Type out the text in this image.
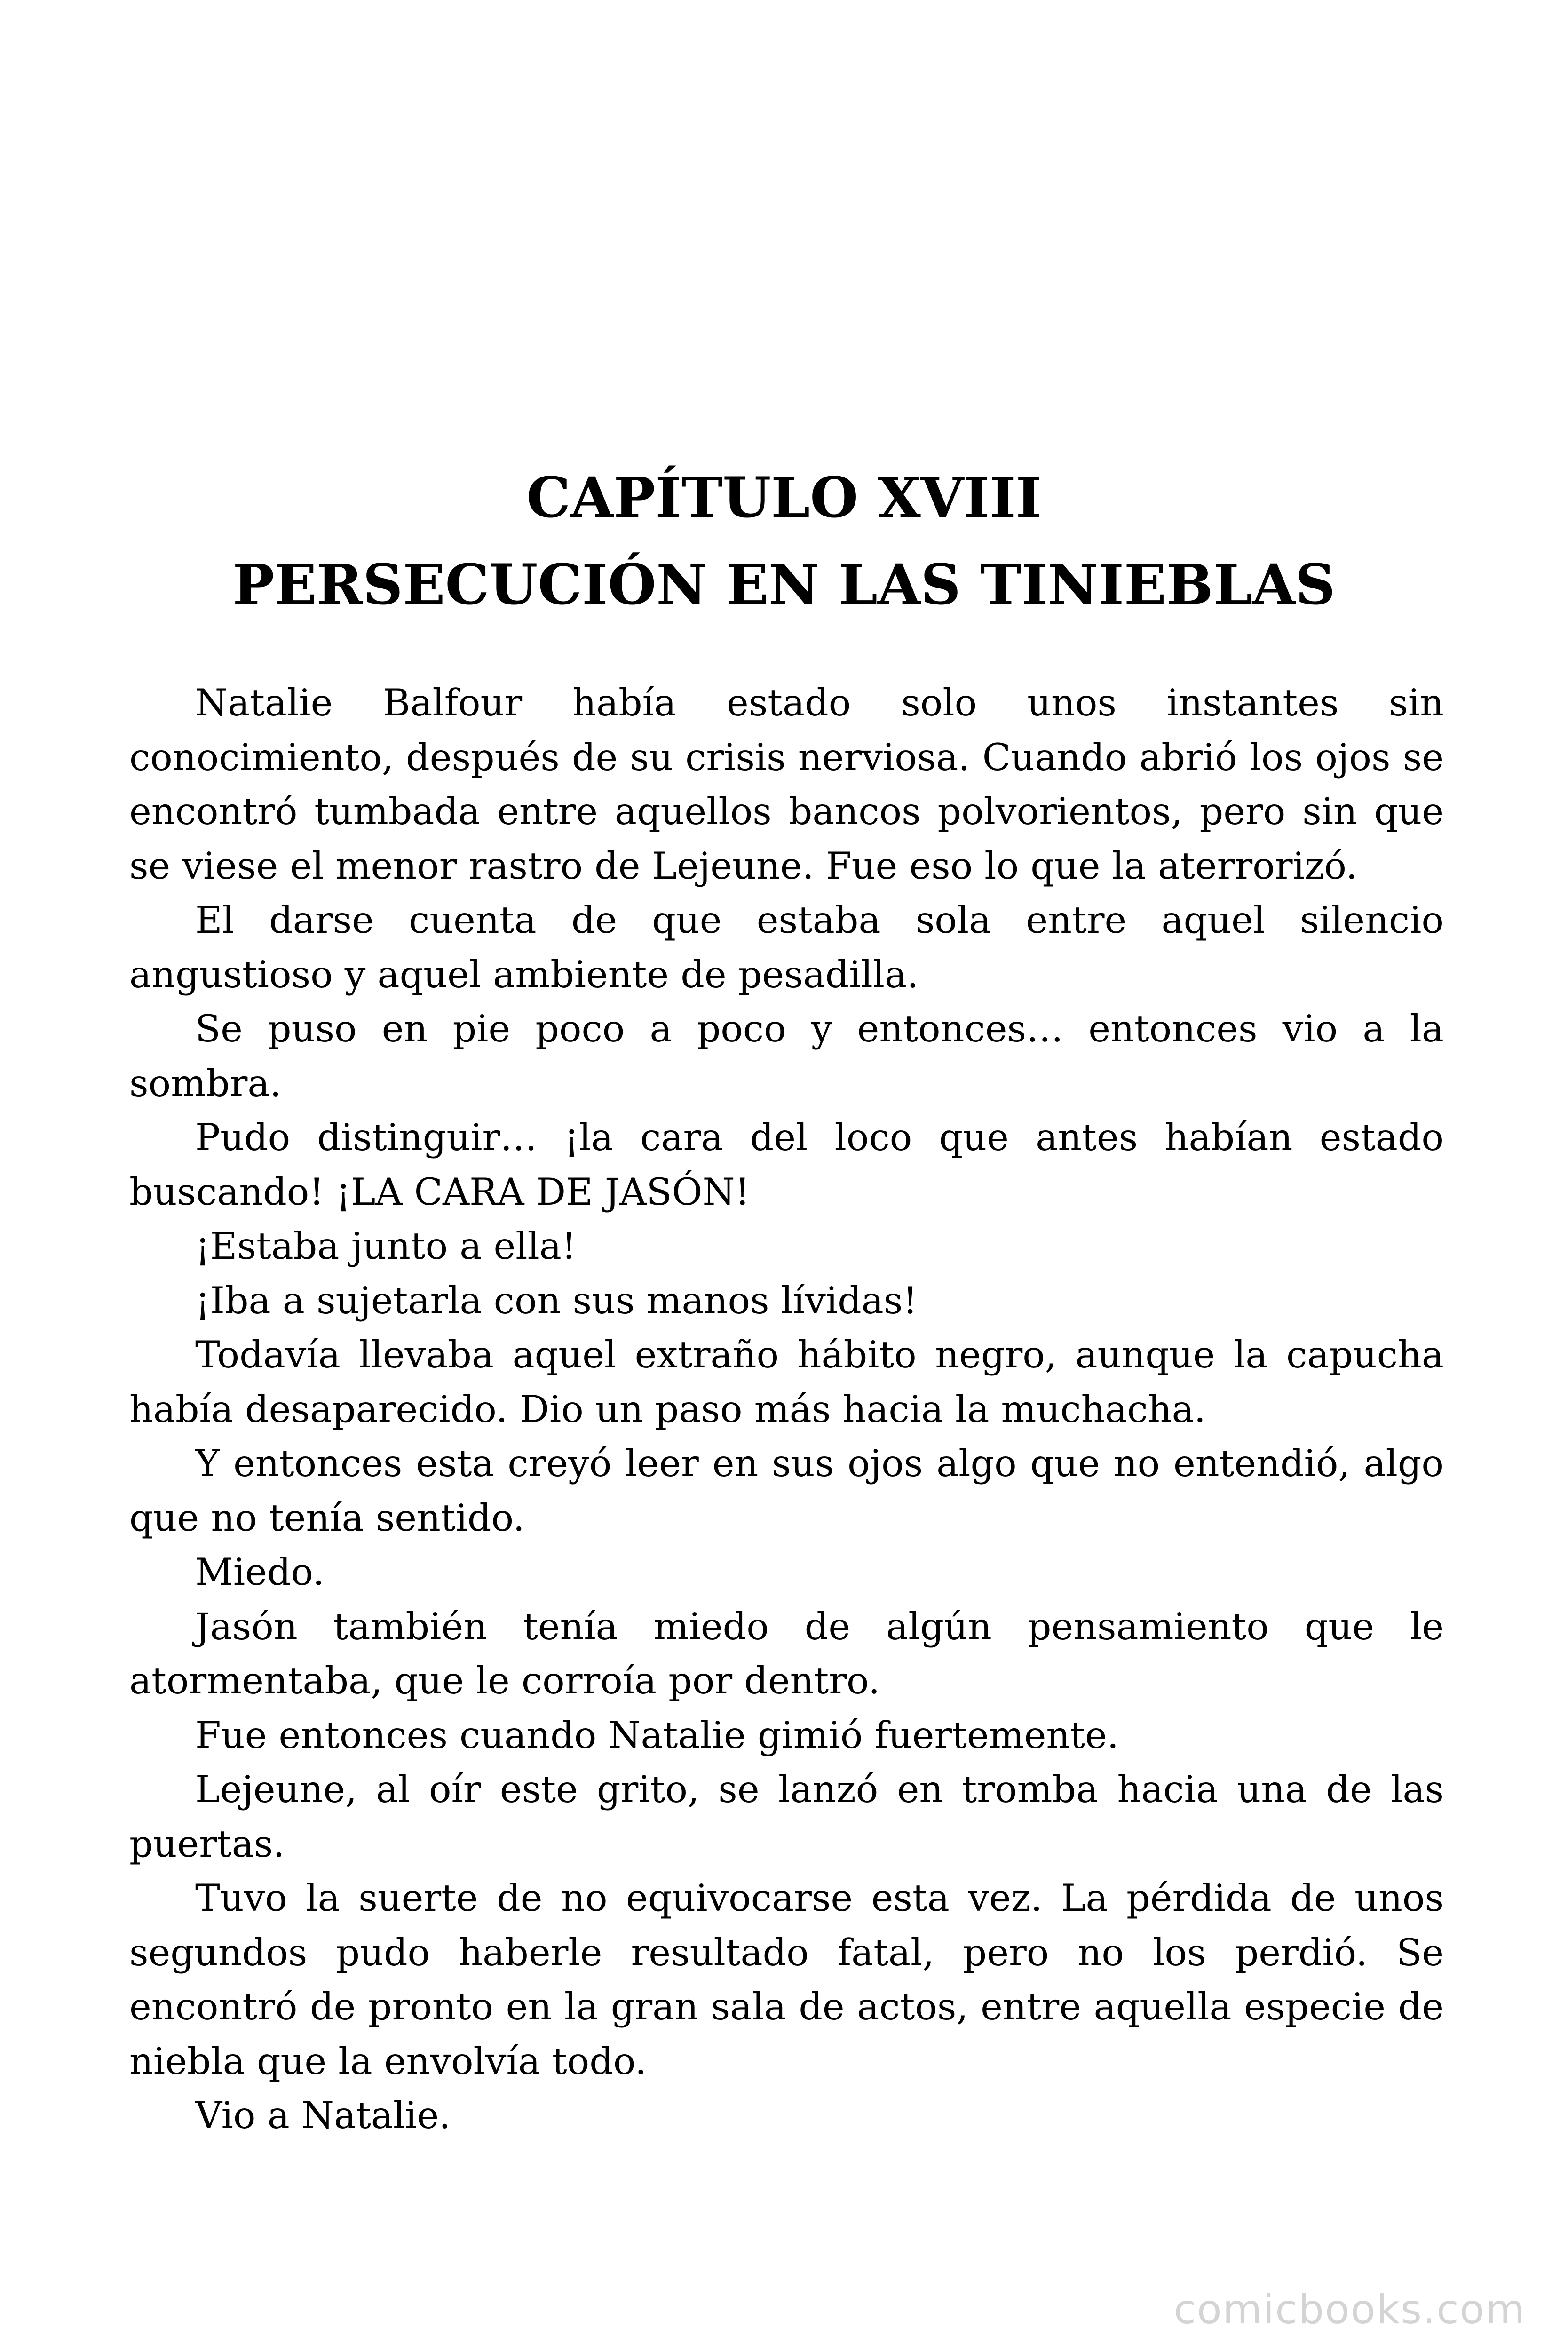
CAPÍTULO XVIII
PERSECUCIÓN EN LAS TINIEBLAS

Natalie Balfour había estado solo unos instantes sin conocimiento, después de su crisis nerviosa. Cuando abrió los ojos se encontró tumbada entre aquellos bancos polvorientos, pero sin que se viese el menor rastro de Lejeune. Fue eso lo que la aterrorizó.

El darse cuenta de que estaba sola entre aquel silencio angustioso y aquel ambiente de pesadilla.

Se puso en pie poco a poco y entonces… entonces vio a la sombra.

Pudo distinguir… ¡la cara del loco que antes habían estado buscando! ¡LA CARA DE JASÓN!

¡Estaba junto a ella!

¡Iba a sujetarla con sus manos lívidas!

Todavía llevaba aquel extraño hábito negro, aunque la capucha había desaparecido. Dio un paso más hacia la muchacha.

Y entonces esta creyó leer en sus ojos algo que no entendió, algo que no tenía sentido.

Miedo.

Jasón también tenía miedo de algún pensamiento que le atormentaba, que le corroía por dentro.

Fue entonces cuando Natalie gimió fuertemente.

Lejeune, al oír este grito, se lanzó en tromba hacia una de las puertas.

Tuvo la suerte de no equivocarse esta vez. La pérdida de unos segundos pudo haberle resultado fatal, pero no los perdió. Se encontró de pronto en la gran sala de actos, entre aquella especie de niebla que la envolvía todo.

Vio a Natalie.

comicbooks.com
